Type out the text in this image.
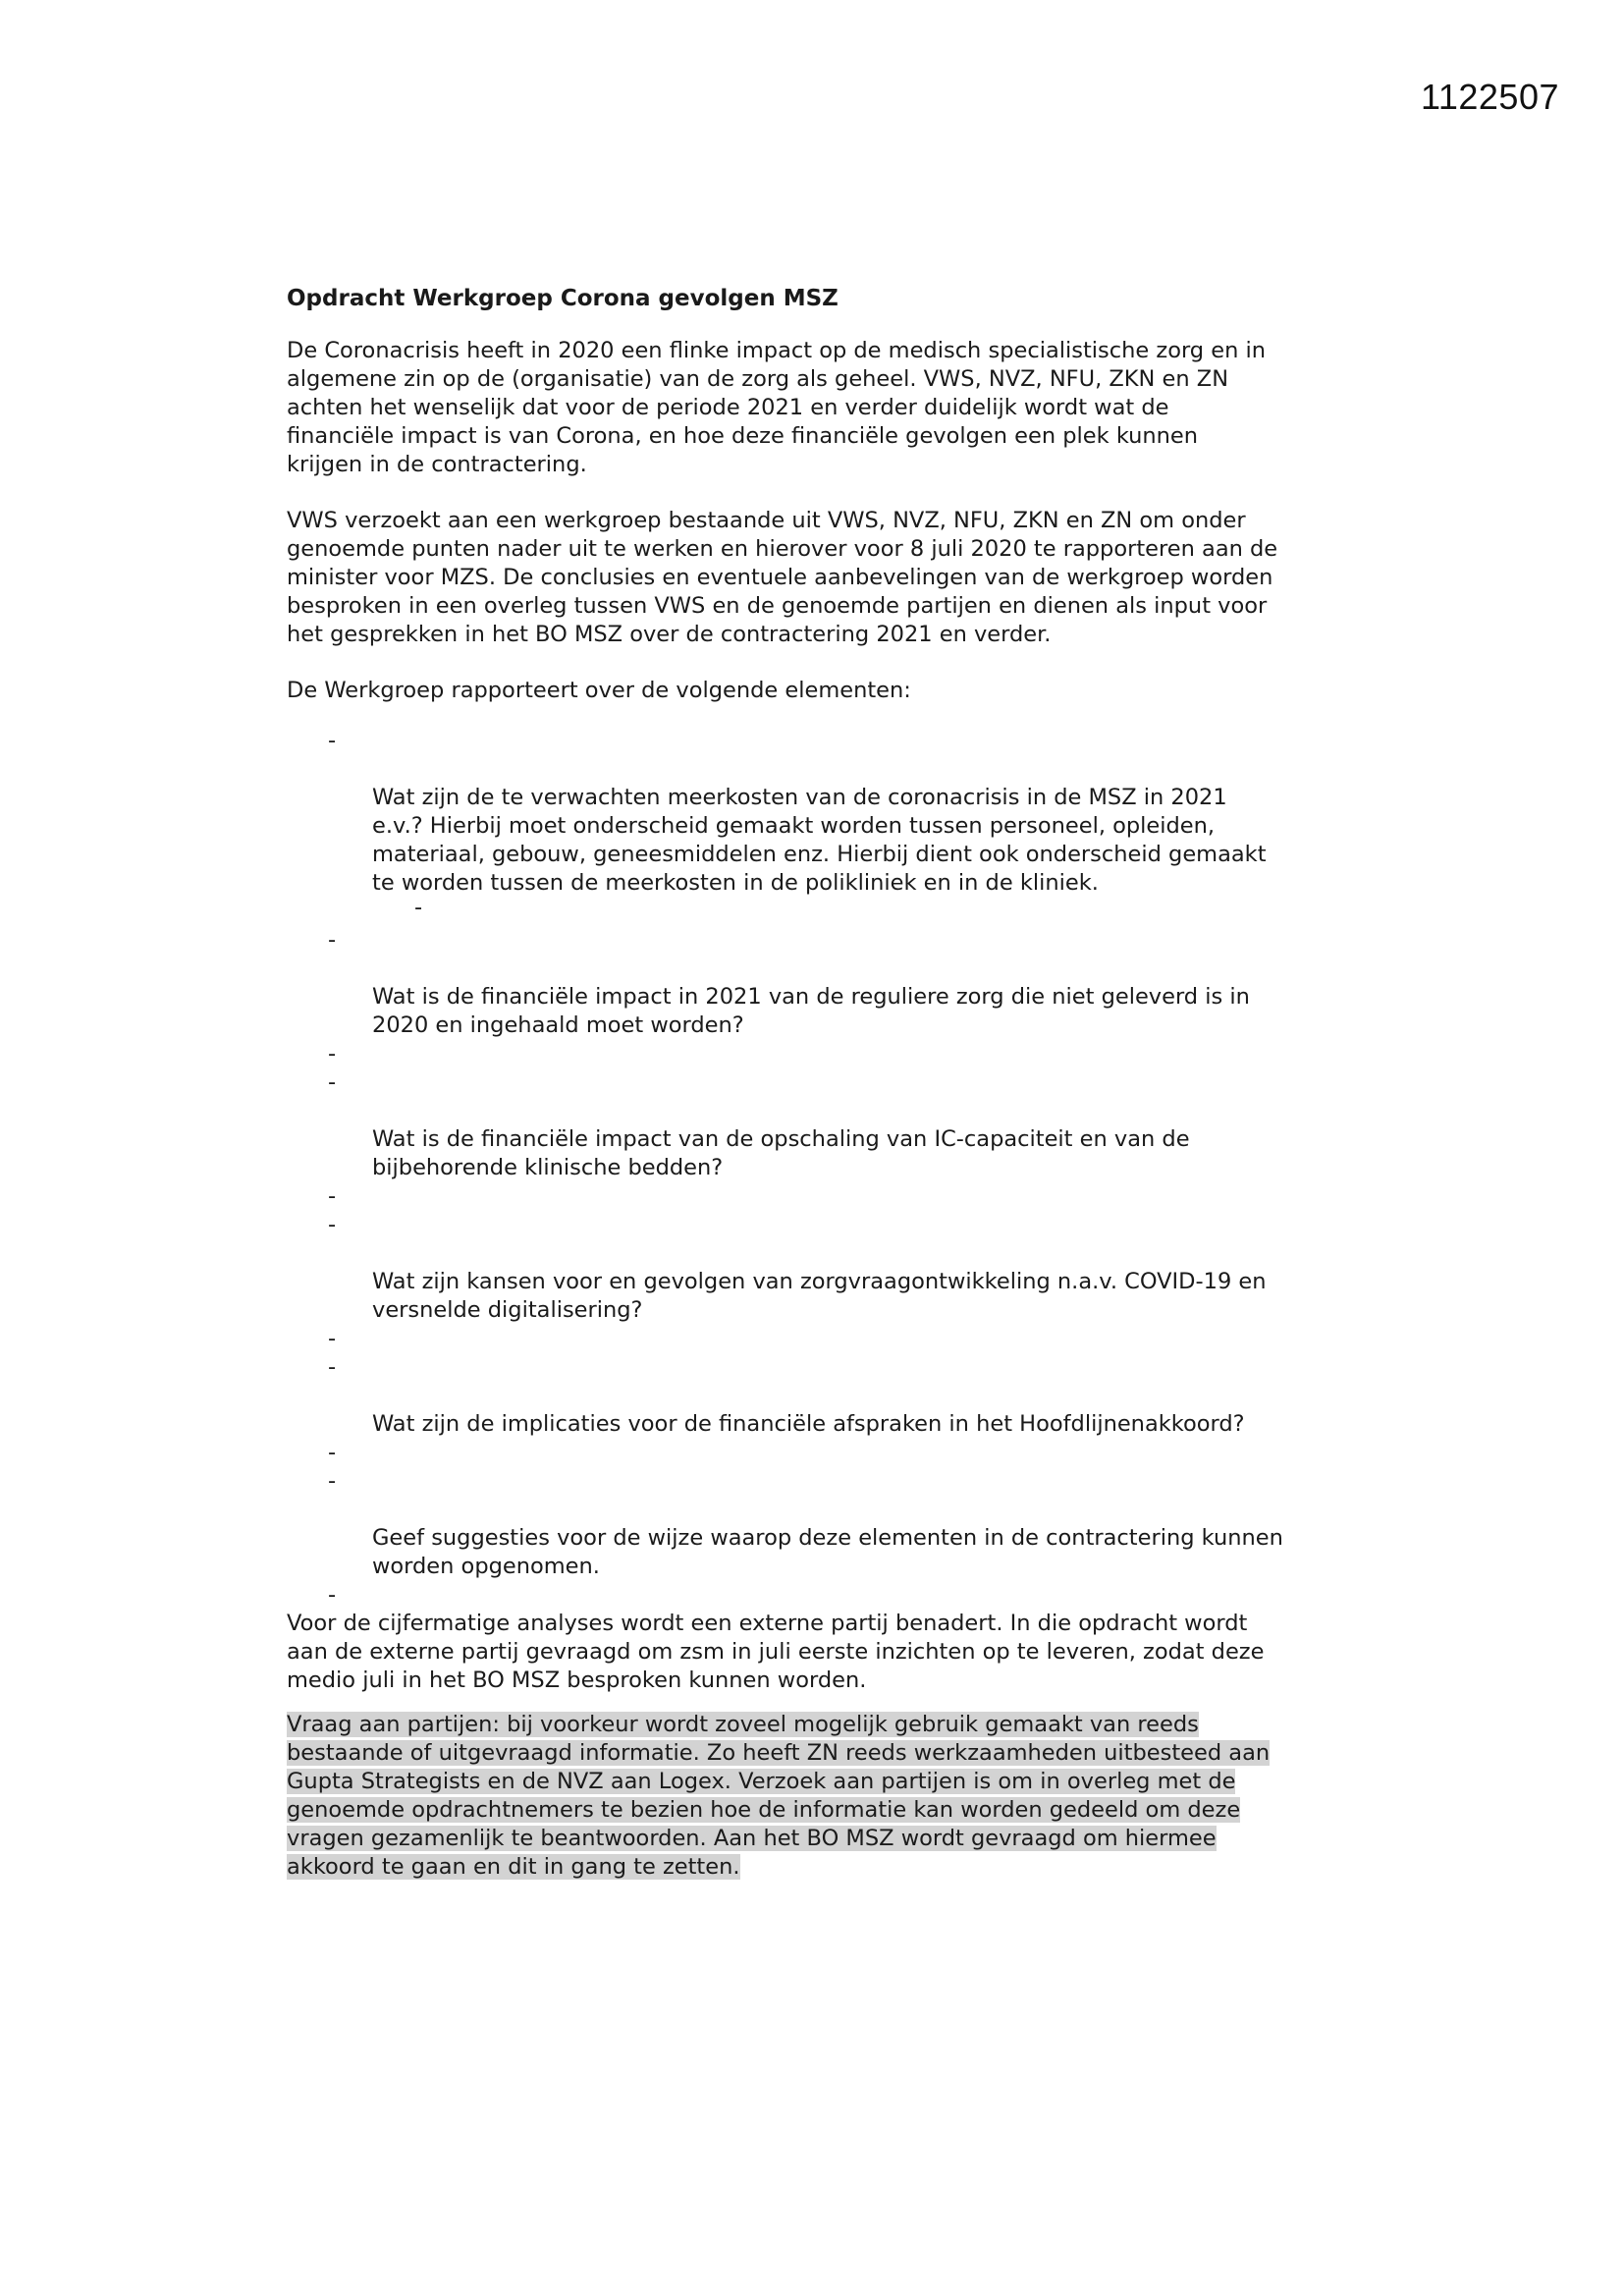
1122507
Opdracht Werkgroep Corona gevolgen MSZ
De Coronacrisis heeft in 2020 een flinke impact op de medisch specialistische zorg en in
algemene zin op de (organisatie) van de zorg als geheel. VWS, NVZ, NFU, ZKN en ZN
achten het wenselijk dat voor de periode 2021 en verder duidelijk wordt wat de
financiële impact is van Corona, en hoe deze financiële gevolgen een plek kunnen
krijgen in de contractering.
VWS verzoekt aan een werkgroep bestaande uit VWS, NVZ, NFU, ZKN en ZN om onder
genoemde punten nader uit te werken en hierover voor 8 juli 2020 te rapporteren aan de
minister voor MZS. De conclusies en eventuele aanbevelingen van de werkgroep worden
besproken in een overleg tussen VWS en de genoemde partijen en dienen als input voor
het gesprekken in het BO MSZ over de contractering 2021 en verder.
De Werkgroep rapporteert over de volgende elementen:

-

Wat zijn de te verwachten meerkosten van de coronacrisis in de MSZ in 2021
e.v.? Hierbij moet onderscheid gemaakt worden tussen personeel, opleiden,
materiaal, gebouw, geneesmiddelen enz. Hierbij dient ook onderscheid gemaakt
te worden tussen de meerkosten in de polikliniek en in de kliniek.

-

-

Wat is de financiële impact in 2021 van de reguliere zorg die niet geleverd is in
2020 en ingehaald moet worden?

-

-

Wat is de financiële impact van de opschaling van IC-capaciteit en van de
bijbehorende klinische bedden?

-

-

Wat zijn kansen voor en gevolgen van zorgvraagontwikkeling n.a.v. COVID-19 en
versnelde digitalisering?

-

-

Wat zijn de implicaties voor de financiële afspraken in het Hoofdlijnenakkoord?

-

-

Geef suggesties voor de wijze waarop deze elementen in de contractering kunnen
worden opgenomen.

-
Voor de cijfermatige analyses wordt een externe partij benadert. In die opdracht wordt
aan de externe partij gevraagd om zsm in juli eerste inzichten op te leveren, zodat deze
medio juli in het BO MSZ besproken kunnen worden.
Vraag aan partijen: bij voorkeur wordt zoveel mogelijk gebruik gemaakt van reeds
bestaande of uitgevraagd informatie. Zo heeft ZN reeds werkzaamheden uitbesteed aan
Gupta Strategists en de NVZ aan Logex. Verzoek aan partijen is om in overleg met de
genoemde opdrachtnemers te bezien hoe de informatie kan worden gedeeld om deze
vragen gezamenlijk te beantwoorden. Aan het BO MSZ wordt gevraagd om hiermee
akkoord te gaan en dit in gang te zetten.
